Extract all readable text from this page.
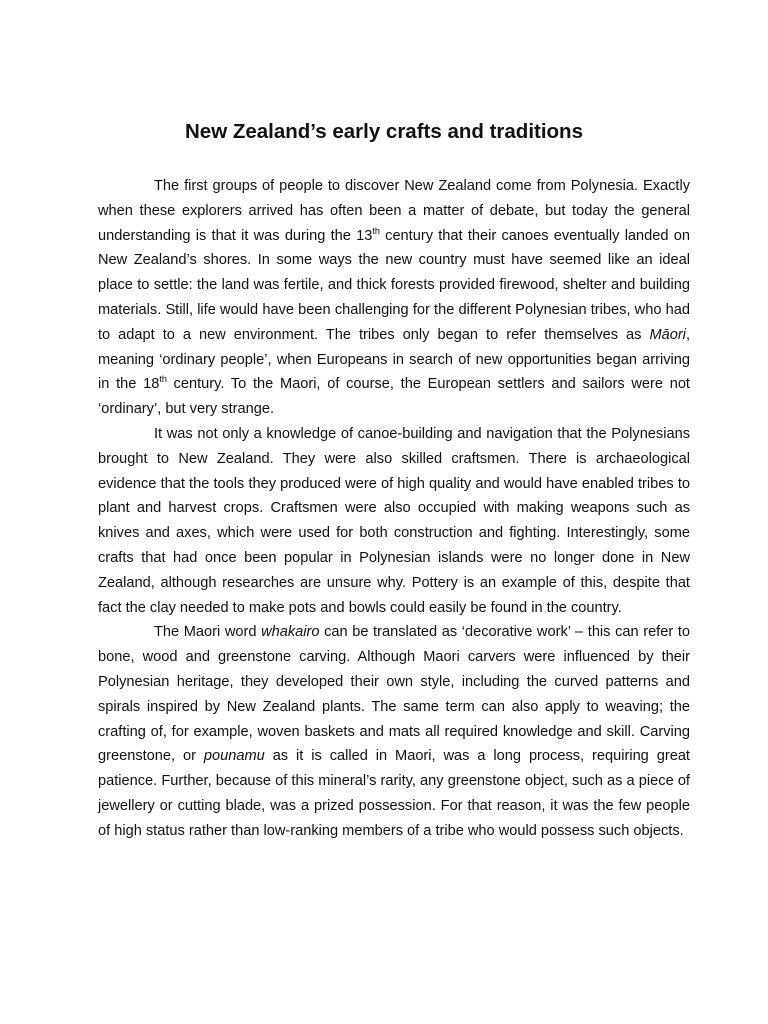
New Zealand’s early crafts and traditions

The first groups of people to discover New Zealand come from Polynesia. Exactly when these explorers arrived has often been a matter of debate, but today the general understanding is that it was during the 13th century that their canoes eventually landed on New Zealand’s shores. In some ways the new country must have seemed like an ideal place to settle: the land was fertile, and thick forests provided firewood, shelter and building materials. Still, life would have been challenging for the different Polynesian tribes, who had to adapt to a new environment. The tribes only began to refer themselves as Māori, meaning ‘ordinary people’, when Europeans in search of new opportunities began arriving in the 18th century. To the Maori, of course, the European settlers and sailors were not ‘ordinary’, but very strange.

It was not only a knowledge of canoe-building and navigation that the Polynesians brought to New Zealand. They were also skilled craftsmen. There is archaeological evidence that the tools they produced were of high quality and would have enabled tribes to plant and harvest crops. Craftsmen were also occupied with making weapons such as knives and axes, which were used for both construction and fighting. Interestingly, some crafts that had once been popular in Polynesian islands were no longer done in New Zealand, although researches are unsure why. Pottery is an example of this, despite that fact the clay needed to make pots and bowls could easily be found in the country.

The Maori word whakairo can be translated as ‘decorative work’ – this can refer to bone, wood and greenstone carving. Although Maori carvers were influenced by their Polynesian heritage, they developed their own style, including the curved patterns and spirals inspired by New Zealand plants. The same term can also apply to weaving; the crafting of, for example, woven baskets and mats all required knowledge and skill. Carving greenstone, or pounamu as it is called in Maori, was a long process, requiring great patience. Further, because of this mineral’s rarity, any greenstone object, such as a piece of jewellery or cutting blade, was a prized possession. For that reason, it was the few people of high status rather than low-ranking members of a tribe who would possess such objects.
